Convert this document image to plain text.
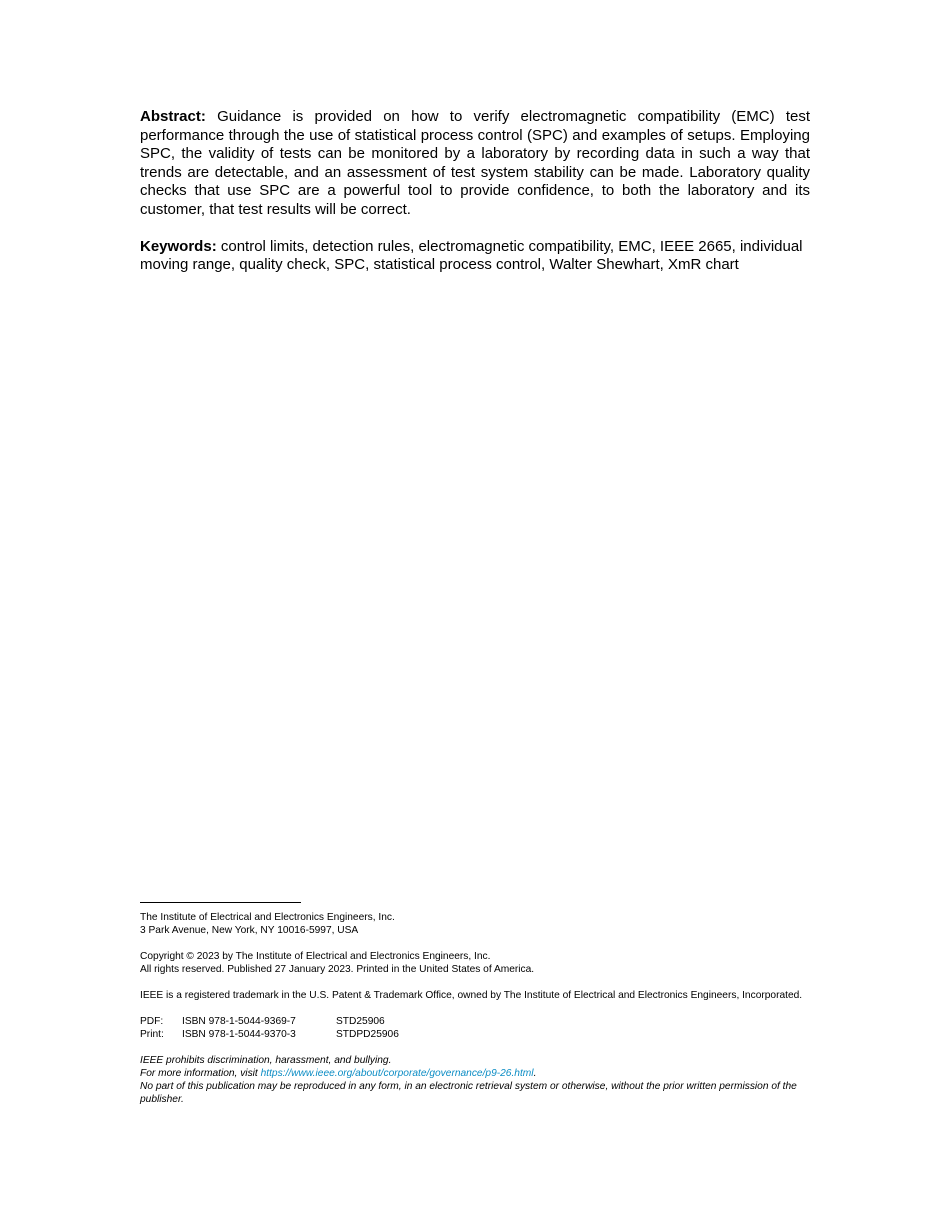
Abstract: Guidance is provided on how to verify electromagnetic compatibility (EMC) test performance through the use of statistical process control (SPC) and examples of setups. Employing SPC, the validity of tests can be monitored by a laboratory by recording data in such a way that trends are detectable, and an assessment of test system stability can be made. Laboratory quality checks that use SPC are a powerful tool to provide confidence, to both the laboratory and its customer, that test results will be correct.

Keywords: control limits, detection rules, electromagnetic compatibility, EMC, IEEE 2665, individual moving range, quality check, SPC, statistical process control, Walter Shewhart, XmR chart

The Institute of Electrical and Electronics Engineers, Inc.
3 Park Avenue, New York, NY 10016-5997, USA
Copyright © 2023 by The Institute of Electrical and Electronics Engineers, Inc.
All rights reserved. Published 27 January 2023. Printed in the United States of America.
IEEE is a registered trademark in the U.S. Patent & Trademark Office, owned by The Institute of Electrical and Electronics Engineers, Incorporated.
PDF:	ISBN 978-1-5044-9369-7	STD25906
Print:	ISBN 978-1-5044-9370-3	STDPD25906
IEEE prohibits discrimination, harassment, and bullying.
For more information, visit https://www.ieee.org/about/corporate/governance/p9-26.html.
No part of this publication may be reproduced in any form, in an electronic retrieval system or otherwise, without the prior written permission of the publisher.
